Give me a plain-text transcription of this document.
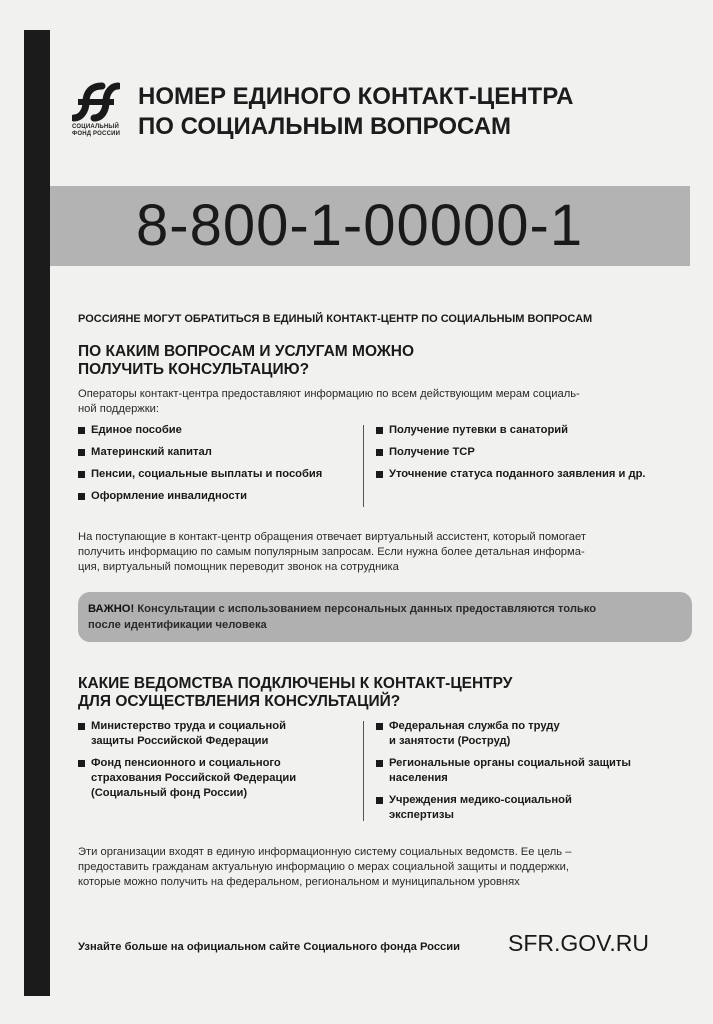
СОЦИАЛЬНЫЙ
ФОНД РОССИИ
НОМЕР ЕДИНОГО КОНТАКТ-ЦЕНТРА
ПО СОЦИАЛЬНЫМ ВОПРОСАМ
8-800-1-00000-1
РОССИЯНЕ МОГУТ ОБРАТИТЬСЯ В ЕДИНЫЙ КОНТАКТ-ЦЕНТР ПО СОЦИАЛЬНЫМ ВОПРОСАМ
ПО КАКИМ ВОПРОСАМ И УСЛУГАМ МОЖНО
ПОЛУЧИТЬ КОНСУЛЬТАЦИЮ?
Операторы контакт-центра предоставляют информацию по всем действующим мерам социаль-
ной поддержки:
Единое пособие
Материнский капитал
Пенсии, социальные выплаты и пособия
Оформление инвалидности
Получение путевки в санаторий
Получение ТСР
Уточнение статуса поданного заявления и др.
На поступающие в контакт-центр обращения отвечает виртуальный ассистент, который помогает
получить информацию по самым популярным запросам. Если нужна более детальная информа-
ция, виртуальный помощник переводит звонок на сотрудника
ВАЖНО! Консультации с использованием персональных данных предоставляются только
после идентификации человека
КАКИЕ ВЕДОМСТВА ПОДКЛЮЧЕНЫ К КОНТАКТ-ЦЕНТРУ
ДЛЯ ОСУЩЕСТВЛЕНИЯ КОНСУЛЬТАЦИЙ?
Министерство труда и социальной
защиты Российской Федерации
Фонд пенсионного и социального
страхования Российской Федерации
(Социальный фонд России)
Федеральная служба по труду
и занятости (Роструд)
Региональные органы социальной защиты
населения
Учреждения медико-социальной
экспертизы
Эти организации входят в единую информационную систему социальных ведомств. Ее цель –
предоставить гражданам актуальную информацию о мерах социальной защиты и поддержки,
которые можно получить на федеральном, региональном и муниципальном уровнях
Узнайте больше на официальном сайте Социального фонда России SFR.GOV.RU
